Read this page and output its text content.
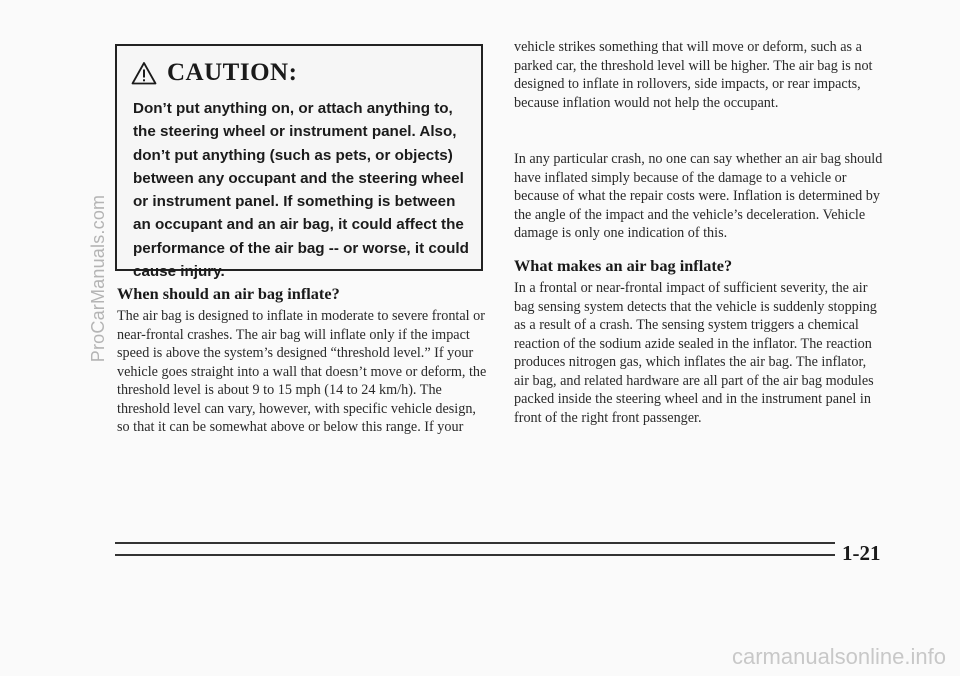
ProCarManuals.com
CAUTION:

Don’t put anything on, or attach anything to, the steering wheel or instrument panel. Also, don’t put anything (such as pets, or objects) between any occupant and the steering wheel or instrument panel. If something is between an occupant and an air bag, it could affect the performance of the air bag -- or worse, it could cause injury.

When should an air bag inflate?

The air bag is designed to inflate in moderate to severe frontal or near-frontal crashes. The air bag will inflate only if the impact speed is above the system’s designed “threshold level.” If your vehicle goes straight into a wall that doesn’t move or deform, the threshold level is about 9 to 15 mph (14 to 24 km/h). The threshold level can vary, however, with specific vehicle design, so that it can be somewhat above or below this range. If your

vehicle strikes something that will move or deform, such as a parked car, the threshold level will be higher. The air bag is not designed to inflate in rollovers, side impacts, or rear impacts, because inflation would not help the occupant.

In any particular crash, no one can say whether an air bag should have inflated simply because of the damage to a vehicle or because of what the repair costs were. Inflation is determined by the angle of the impact and the vehicle’s deceleration. Vehicle damage is only one indication of this.

What makes an air bag inflate?

In a frontal or near-frontal impact of sufficient severity, the air bag sensing system detects that the vehicle is suddenly stopping as a result of a crash. The sensing system triggers a chemical reaction of the sodium azide sealed in the inflator. The reaction produces nitrogen gas, which inflates the air bag. The inflator, air bag, and related hardware are all part of the air bag modules packed inside the steering wheel and in the instrument panel in front of the right front passenger.

1-21
carmanualsonline.info
